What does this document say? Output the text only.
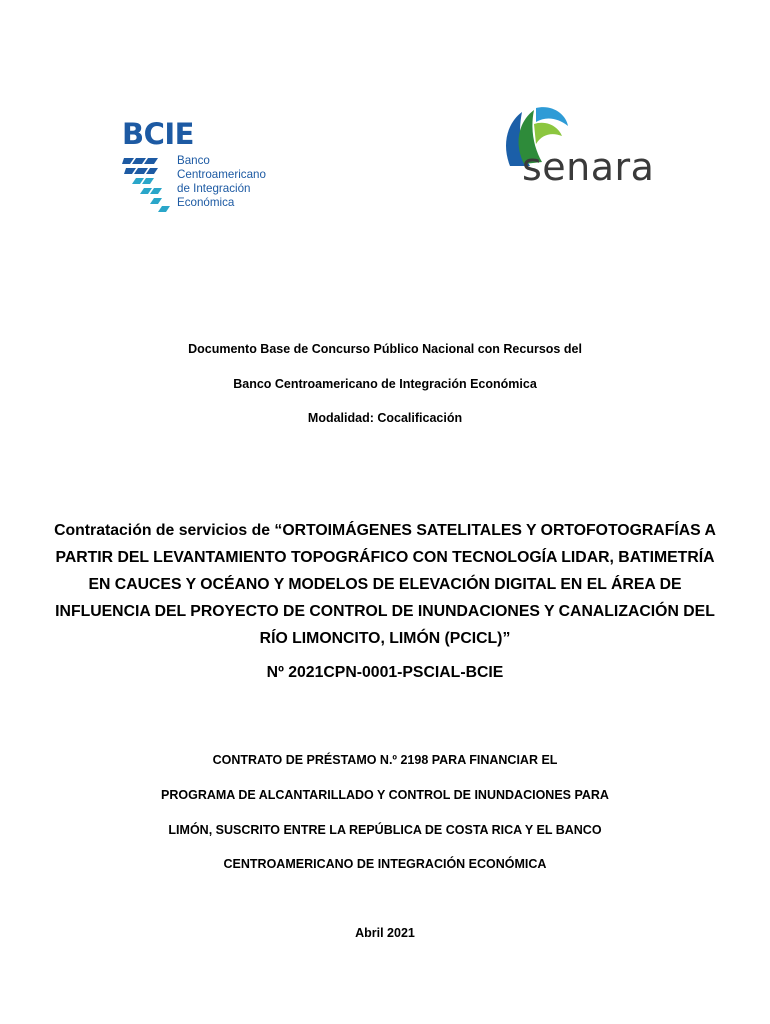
BCIE
Banco
Centroamericano
de Integración
Económica
senara
Documento Base de Concurso Público Nacional con Recursos del
Banco Centroamericano de Integración Económica
Modalidad: Cocalificación
Contratación de servicios de “ORTOIMÁGENES SATELITALES Y ORTOFOTOGRAFÍAS A
PARTIR DEL LEVANTAMIENTO TOPOGRÁFICO CON TECNOLOGÍA LIDAR, BATIMETRÍA
EN CAUCES Y OCÉANO Y MODELOS DE ELEVACIÓN DIGITAL EN EL ÁREA DE
INFLUENCIA DEL PROYECTO DE CONTROL DE INUNDACIONES Y CANALIZACIÓN DEL
RÍO LIMONCITO, LIMÓN (PCICL)”
Nº 2021CPN-0001-PSCIAL-BCIE
CONTRATO DE PRÉSTAMO N.º 2198 PARA FINANCIAR EL
PROGRAMA DE ALCANTARILLADO Y CONTROL DE INUNDACIONES PARA
LIMÓN, SUSCRITO ENTRE LA REPÚBLICA DE COSTA RICA Y EL BANCO
CENTROAMERICANO DE INTEGRACIÓN ECONÓMICA
Abril 2021
